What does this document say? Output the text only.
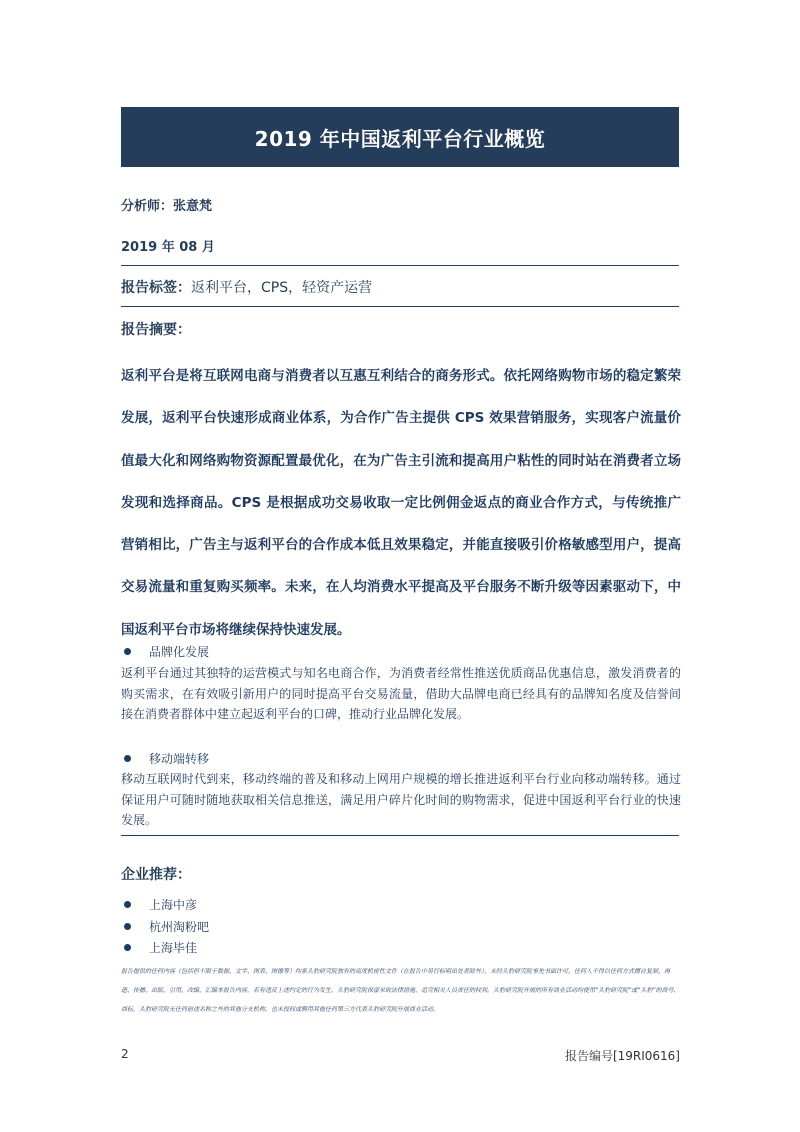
2019 年中国返利平台行业概览
分析师：张意梵
2019 年 08 月
报告标签：返利平台，CPS，轻资产运营
报告摘要：
返利平台是将互联网电商与消费者以互惠互利结合的商务形式。依托网络购物市场的稳定繁荣发展，返利平台快速形成商业体系，为合作广告主提供 CPS 效果营销服务，实现客户流量价值最大化和网络购物资源配置最优化，在为广告主引流和提高用户粘性的同时站在消费者立场发现和选择商品。CPS 是根据成功交易收取一定比例佣金返点的商业合作方式，与传统推广营销相比，广告主与返利平台的合作成本低且效果稳定，并能直接吸引价格敏感型用户，提高交易流量和重复购买频率。未来，在人均消费水平提高及平台服务不断升级等因素驱动下，中国返利平台市场将继续保持快速发展。
品牌化发展
返利平台通过其独特的运营模式与知名电商合作，为消费者经常性推送优质商品优惠信息，激发消费者的购买需求，在有效吸引新用户的同时提高平台交易流量，借助大品牌电商已经具有的品牌知名度及信誉间接在消费者群体中建立起返利平台的口碑，推动行业品牌化发展。
移动端转移
移动互联网时代到来，移动终端的普及和移动上网用户规模的增长推进返利平台行业向移动端转移。通过保证用户可随时随地获取相关信息推送，满足用户碎片化时间的购物需求，促进中国返利平台行业的快速发展。
企业推荐：
上海中彦
杭州淘粉吧
上海毕佳
报告提供的任何内容（包括但不限于数据、文字、图表、图像等）均系头豹研究院独有的高度机密性文件（在报告中另行标明出处者除外）。未经头豹研究院事先书面许可，任何人不得以任何方式擅自复制、再造、传播、出版、引用、改编、汇编本报告内容，若有违反上述约定的行为发生，头豹研究院保留采取法律措施、追究相关人员责任的权利。头豹研究院开展的所有商业活动均使用“头豹研究院”或“头豹”的商号、商标，头豹研究院无任何前述名称之外的其他分支机构，也未授权或聘用其他任何第三方代表头豹研究院开展商业活动。
2	报告编号[19RI0616]
